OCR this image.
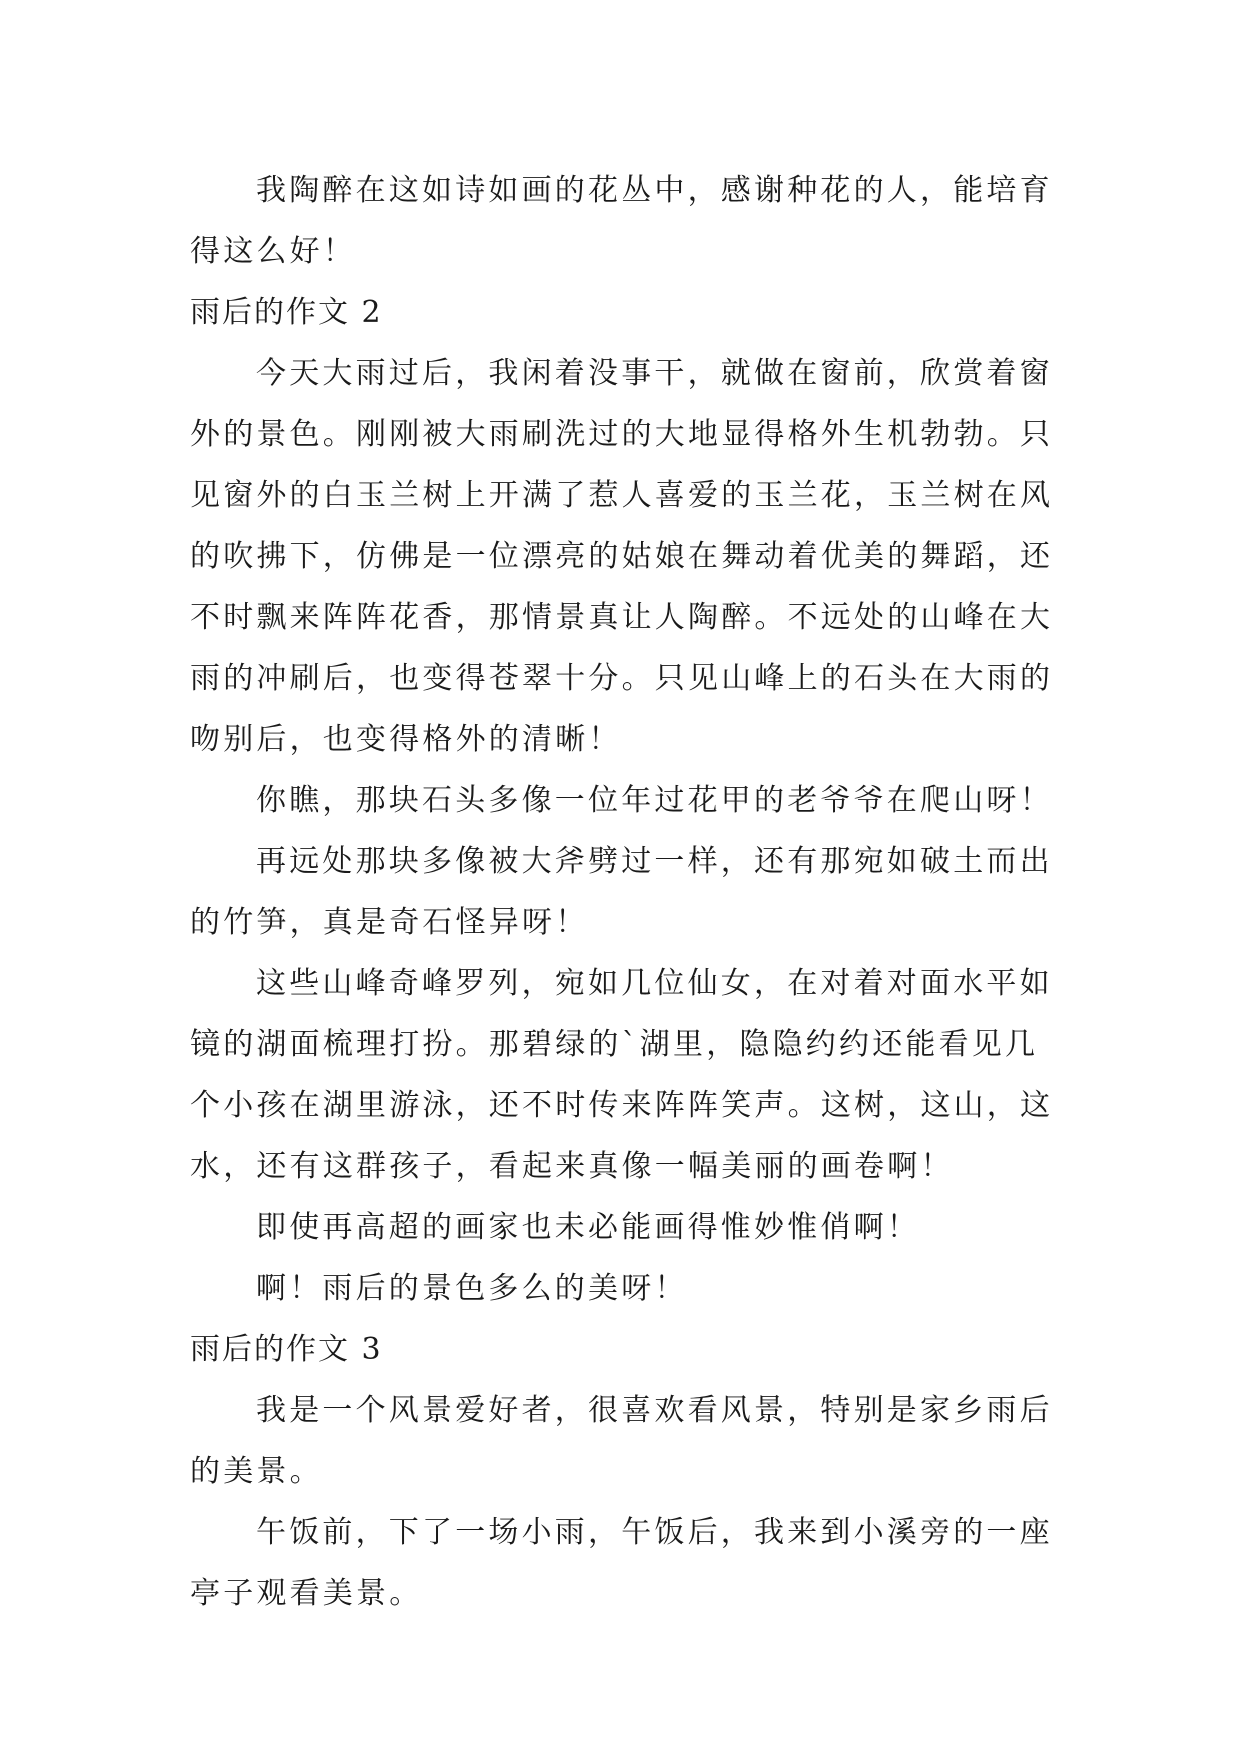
我陶醉在这如诗如画的花丛中，感谢种花的人，能培育
得这么好！
雨后的作文 2
今天大雨过后，我闲着没事干，就做在窗前，欣赏着窗
外的景色。刚刚被大雨刷洗过的大地显得格外生机勃勃。只
见窗外的白玉兰树上开满了惹人喜爱的玉兰花，玉兰树在风
的吹拂下，仿佛是一位漂亮的姑娘在舞动着优美的舞蹈，还
不时飘来阵阵花香，那情景真让人陶醉。不远处的山峰在大
雨的冲刷后，也变得苍翠十分。只见山峰上的石头在大雨的
吻别后，也变得格外的清晰！
你瞧，那块石头多像一位年过花甲的老爷爷在爬山呀！
再远处那块多像被大斧劈过一样，还有那宛如破土而出
的竹笋，真是奇石怪异呀！
这些山峰奇峰罗列，宛如几位仙女，在对着对面水平如
镜的湖面梳理打扮。那碧绿的`湖里，隐隐约约还能看见几
个小孩在湖里游泳，还不时传来阵阵笑声。这树，这山，这
水，还有这群孩子，看起来真像一幅美丽的画卷啊！
即使再高超的画家也未必能画得惟妙惟俏啊！
啊！雨后的景色多么的美呀！
雨后的作文 3
我是一个风景爱好者，很喜欢看风景，特别是家乡雨后
的美景。
午饭前，下了一场小雨，午饭后，我来到小溪旁的一座
亭子观看美景。
